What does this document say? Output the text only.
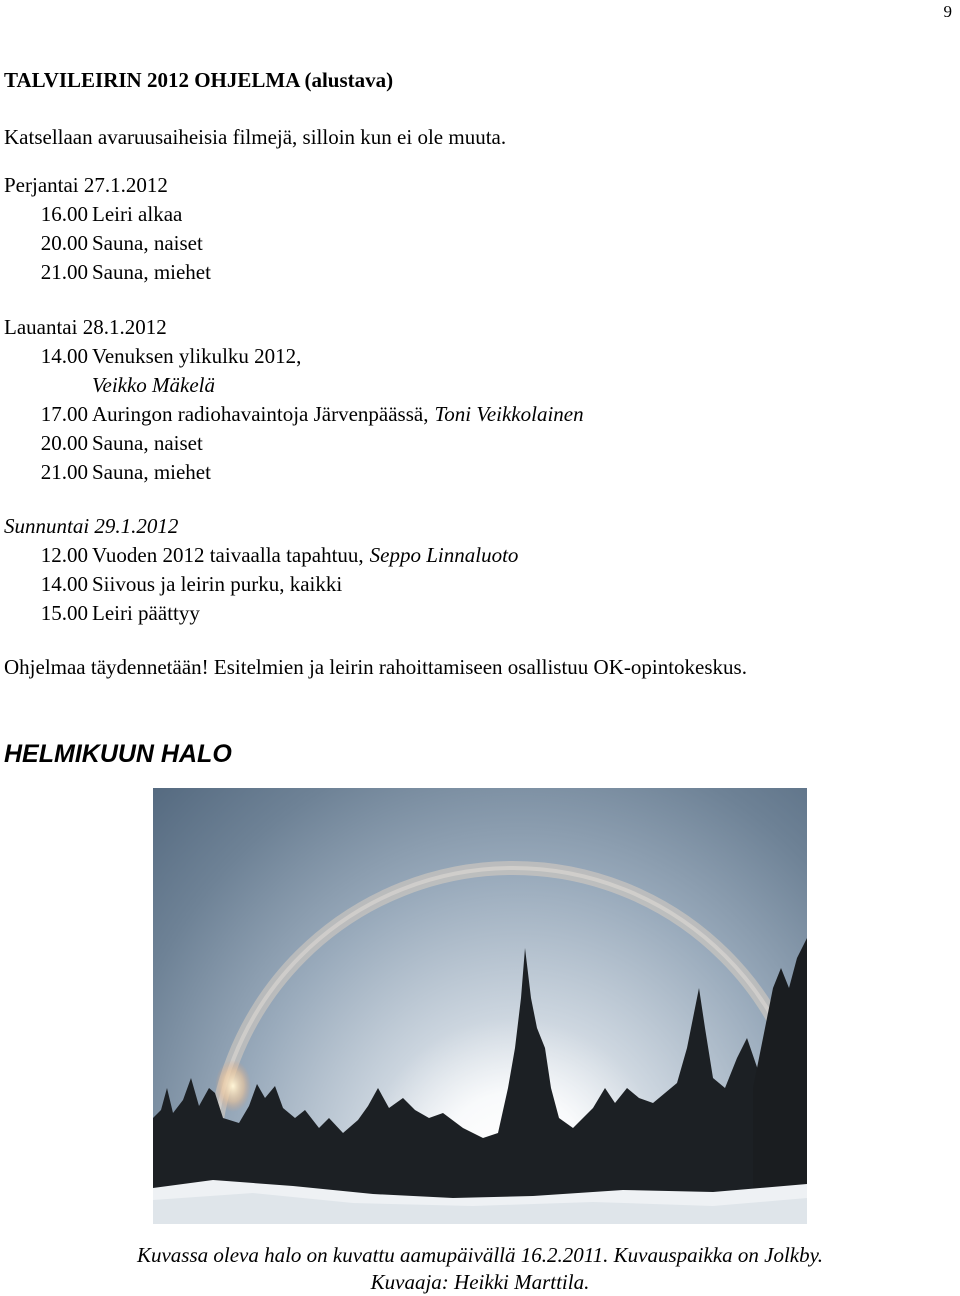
9
TALVILEIRIN 2012 OHJELMA (alustava)
Katsellaan avaruusaiheisia filmejä, silloin kun ei ole muuta.
Perjantai 27.1.2012
16.00 Leiri alkaa
20.00 Sauna, naiset
21.00 Sauna, miehet
Lauantai 28.1.2012
14.00 Venuksen ylikulku 2012,
Veikko Mäkelä
17.00 Auringon radiohavaintoja Järvenpäässä, Toni Veikkolainen
20.00 Sauna, naiset
21.00 Sauna, miehet
Sunnuntai 29.1.2012
12.00 Vuoden 2012 taivaalla tapahtuu, Seppo Linnaluoto
14.00 Siivous ja leirin purku, kaikki
15.00 Leiri päättyy
Ohjelmaa täydennetään! Esitelmien ja leirin rahoittamiseen osallistuu OK-opintokeskus.
HELMIKUUN HALO
Kuvassa oleva halo on kuvattu aamupäivällä 16.2.2011. Kuvauspaikka on Jolkby.
Kuvaaja: Heikki Marttila.
